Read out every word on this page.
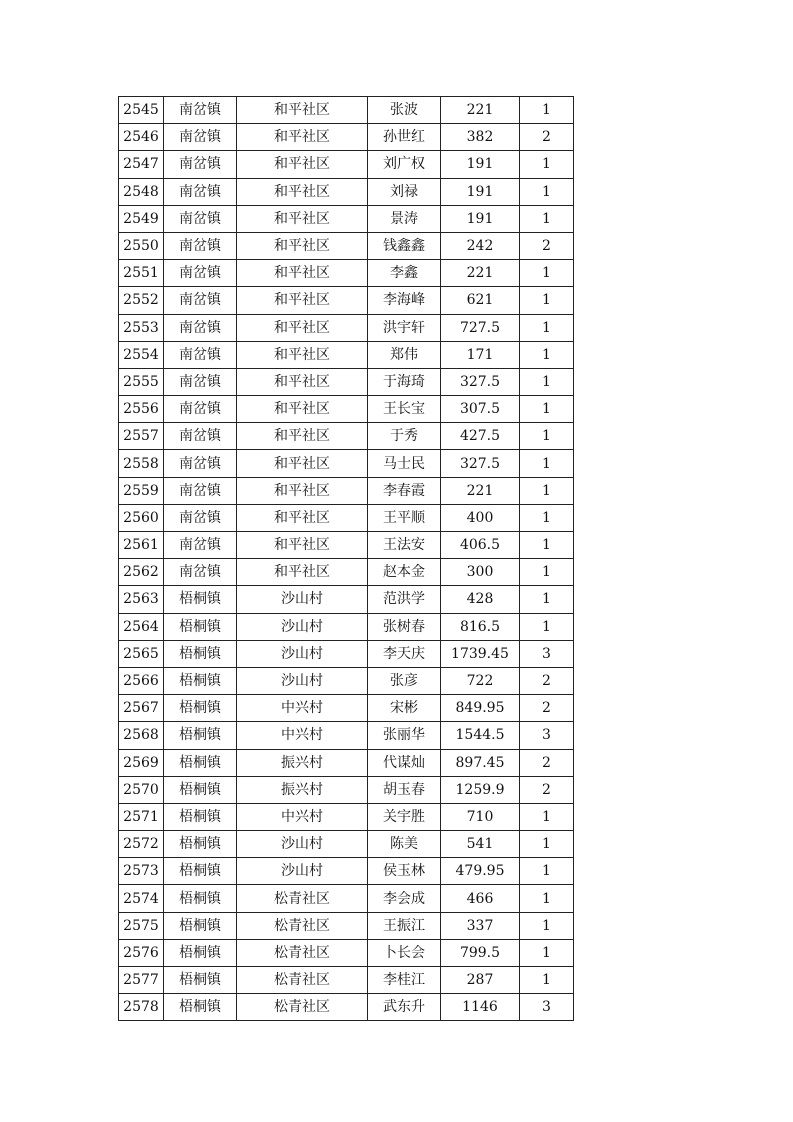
2545	南岔镇	和平社区	张波	221	1
2546	南岔镇	和平社区	孙世红	382	2
2547	南岔镇	和平社区	刘广权	191	1
2548	南岔镇	和平社区	刘禄	191	1
2549	南岔镇	和平社区	景涛	191	1
2550	南岔镇	和平社区	钱鑫鑫	242	2
2551	南岔镇	和平社区	李鑫	221	1
2552	南岔镇	和平社区	李海峰	621	1
2553	南岔镇	和平社区	洪宇轩	727.5	1
2554	南岔镇	和平社区	郑伟	171	1
2555	南岔镇	和平社区	于海琦	327.5	1
2556	南岔镇	和平社区	王长宝	307.5	1
2557	南岔镇	和平社区	于秀	427.5	1
2558	南岔镇	和平社区	马士民	327.5	1
2559	南岔镇	和平社区	李春霞	221	1
2560	南岔镇	和平社区	王平顺	400	1
2561	南岔镇	和平社区	王法安	406.5	1
2562	南岔镇	和平社区	赵本金	300	1
2563	梧桐镇	沙山村	范洪学	428	1
2564	梧桐镇	沙山村	张树春	816.5	1
2565	梧桐镇	沙山村	李天庆	1739.45	3
2566	梧桐镇	沙山村	张彦	722	2
2567	梧桐镇	中兴村	宋彬	849.95	2
2568	梧桐镇	中兴村	张丽华	1544.5	3
2569	梧桐镇	振兴村	代谋灿	897.45	2
2570	梧桐镇	振兴村	胡玉春	1259.9	2
2571	梧桐镇	中兴村	关宇胜	710	1
2572	梧桐镇	沙山村	陈美	541	1
2573	梧桐镇	沙山村	侯玉林	479.95	1
2574	梧桐镇	松青社区	李会成	466	1
2575	梧桐镇	松青社区	王振江	337	1
2576	梧桐镇	松青社区	卜长会	799.5	1
2577	梧桐镇	松青社区	李桂江	287	1
2578	梧桐镇	松青社区	武东升	1146	3
